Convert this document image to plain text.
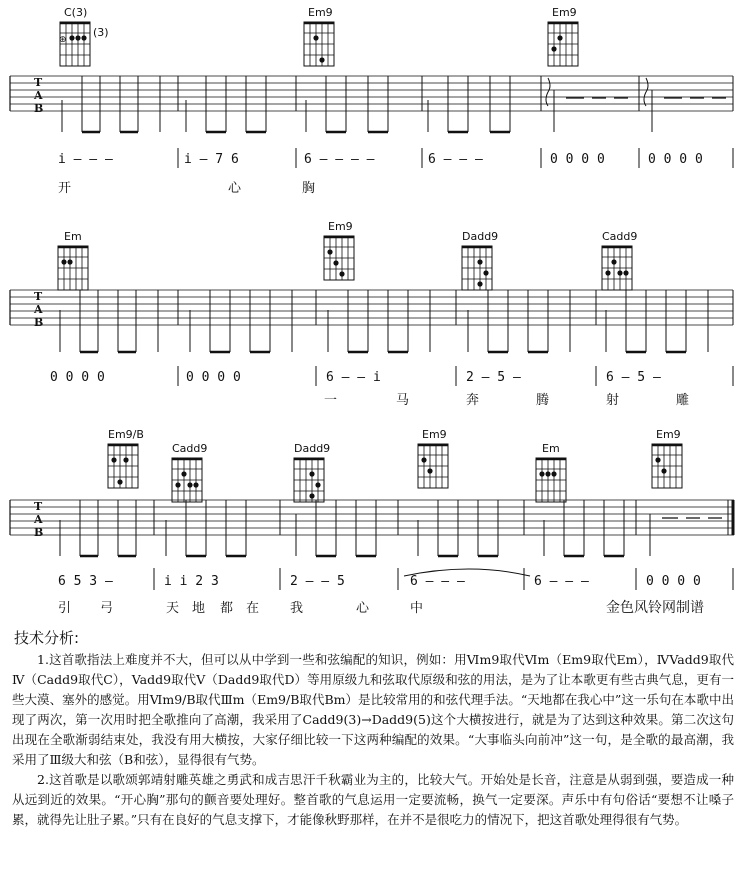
C(3)
(3)
⊕
Em9	Em9
T
A
B
i – – –	i – 7 6	6 – – – –	6 – – –	0 0 0 0	0 0 0 0
开	心	胸
Em
Em9
Dadd9	Cadd9
T
A
B
0 0 0 0	0 0 0 0	6 – – i	2 – 5 –	6 – 5 –
一	马	奔	腾	射	雕
Em9/B
Cadd9	Dadd9
Em9
Em
Em9
T
A
B
6 5 3 –	i i 2 3	2 – – 5	6 – – –	6 – – –	0 0 0 0
引 弓	天 地 都 在 我	心	中	金色风铃网制谱
技术分析:

1.这首歌指法上难度并不大，但可以从中学到一些和弦编配的知识，例如：用Ⅵm9取代Ⅵm（Em9取代Em），ⅣVadd9取代Ⅳ（Cadd9取代C），Vadd9取代V（Dadd9取代D）等用原级九和弦取代原级和弦的用法，是为了让本歌更有些古典气息，更有一些大漠、塞外的感觉。用Ⅵm9/B取代Ⅲm（Em9/B取代Bm）是比较常用的和弦代理手法。“天地都在我心中”这一乐句在本歌中出现了两次，第一次用时把全歌推向了高潮，我采用了Cadd9(3)→Dadd9(5)这个大横按进行，就是为了达到这种效果。第二次这句出现在全歌渐弱结束处，我没有用大横按，大家仔细比较一下这两种编配的效果。“大事临头向前冲”这一句，是全歌的最高潮，我采用了Ⅲ级大和弦（B和弦），显得很有气势。

2.这首歌是以歌颂郭靖射雕英雄之勇武和成吉思汗千秋霸业为主的，比较大气。开始处是长音，注意是从弱到强，要造成一种从远到近的效果。“开心胸”那句的颤音要处理好。整首歌的气息运用一定要流畅，换气一定要深。声乐中有句俗话“要想不让嗓子累，就得先让肚子累。”只有在良好的气息支撑下，才能像秋野那样，在并不是很吃力的情况下，把这首歌处理得很有气势。
